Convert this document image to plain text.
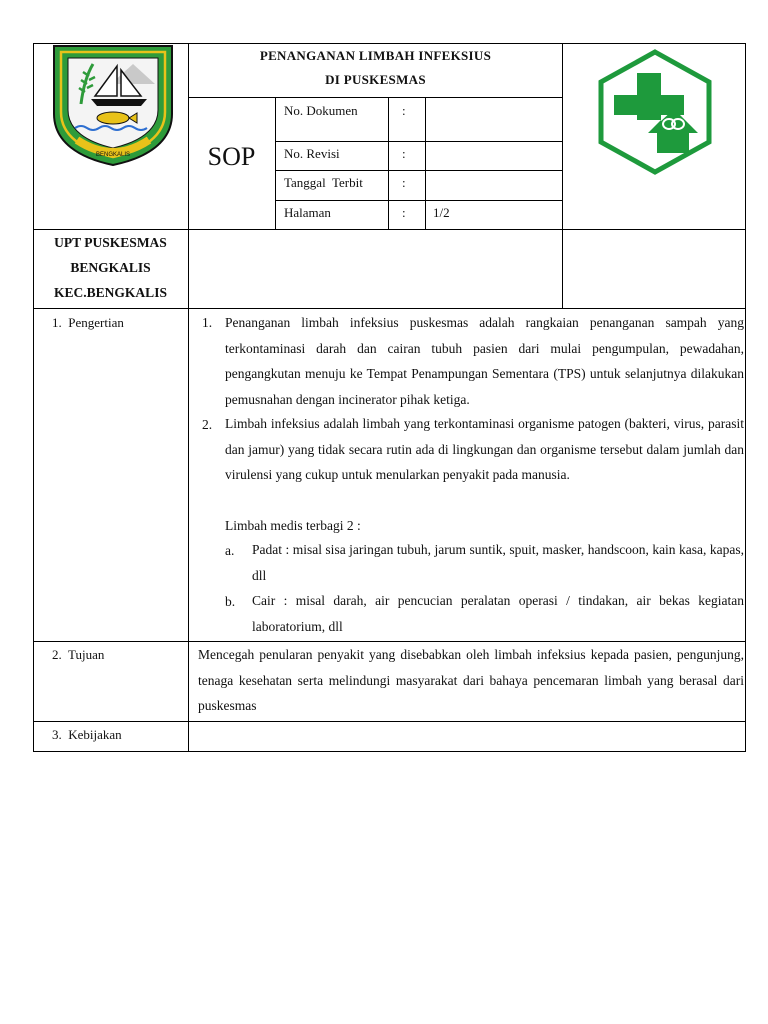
BENGKALIS
PENANGANAN LIMBAH INFEKSIUS
DI PUSKESMAS
SOP
No. Dokumen	:
No. Revisi	:
Tanggal  Terbit	:
Halaman	: 1/2
UPT PUSKESMAS
BENGKALIS
KEC.BENGKALIS
1.  Pengertian	1. Penanganan limbah infeksius puskesmas adalah rangkaian penanganan sampah yang terkontaminasi darah dan cairan tubuh pasien dari mulai pengumpulan, pewadahan, pengangkutan menuju ke Tempat Penampungan Sementara (TPS) untuk selanjutnya dilakukan pemusnahan dengan incinerator pihak ketiga.
2. Limbah infeksius adalah limbah yang terkontaminasi organisme patogen (bakteri, virus, parasit dan jamur) yang tidak secara rutin ada di lingkungan dan organisme tersebut dalam jumlah dan virulensi yang cukup untuk menularkan penyakit pada manusia.
Limbah medis terbagi 2 :
a. Padat : misal sisa jaringan tubuh, jarum suntik, spuit, masker, handscoon, kain kasa, kapas, dll
b. Cair : misal darah, air pencucian peralatan operasi / tindakan, air bekas kegiatan laboratorium, dll
2.  Tujuan	Mencegah penularan penyakit yang disebabkan oleh limbah infeksius kepada pasien, pengunjung, tenaga kesehatan serta melindungi masyarakat dari bahaya pencemaran limbah yang berasal dari puskesmas
3.  Kebijakan
